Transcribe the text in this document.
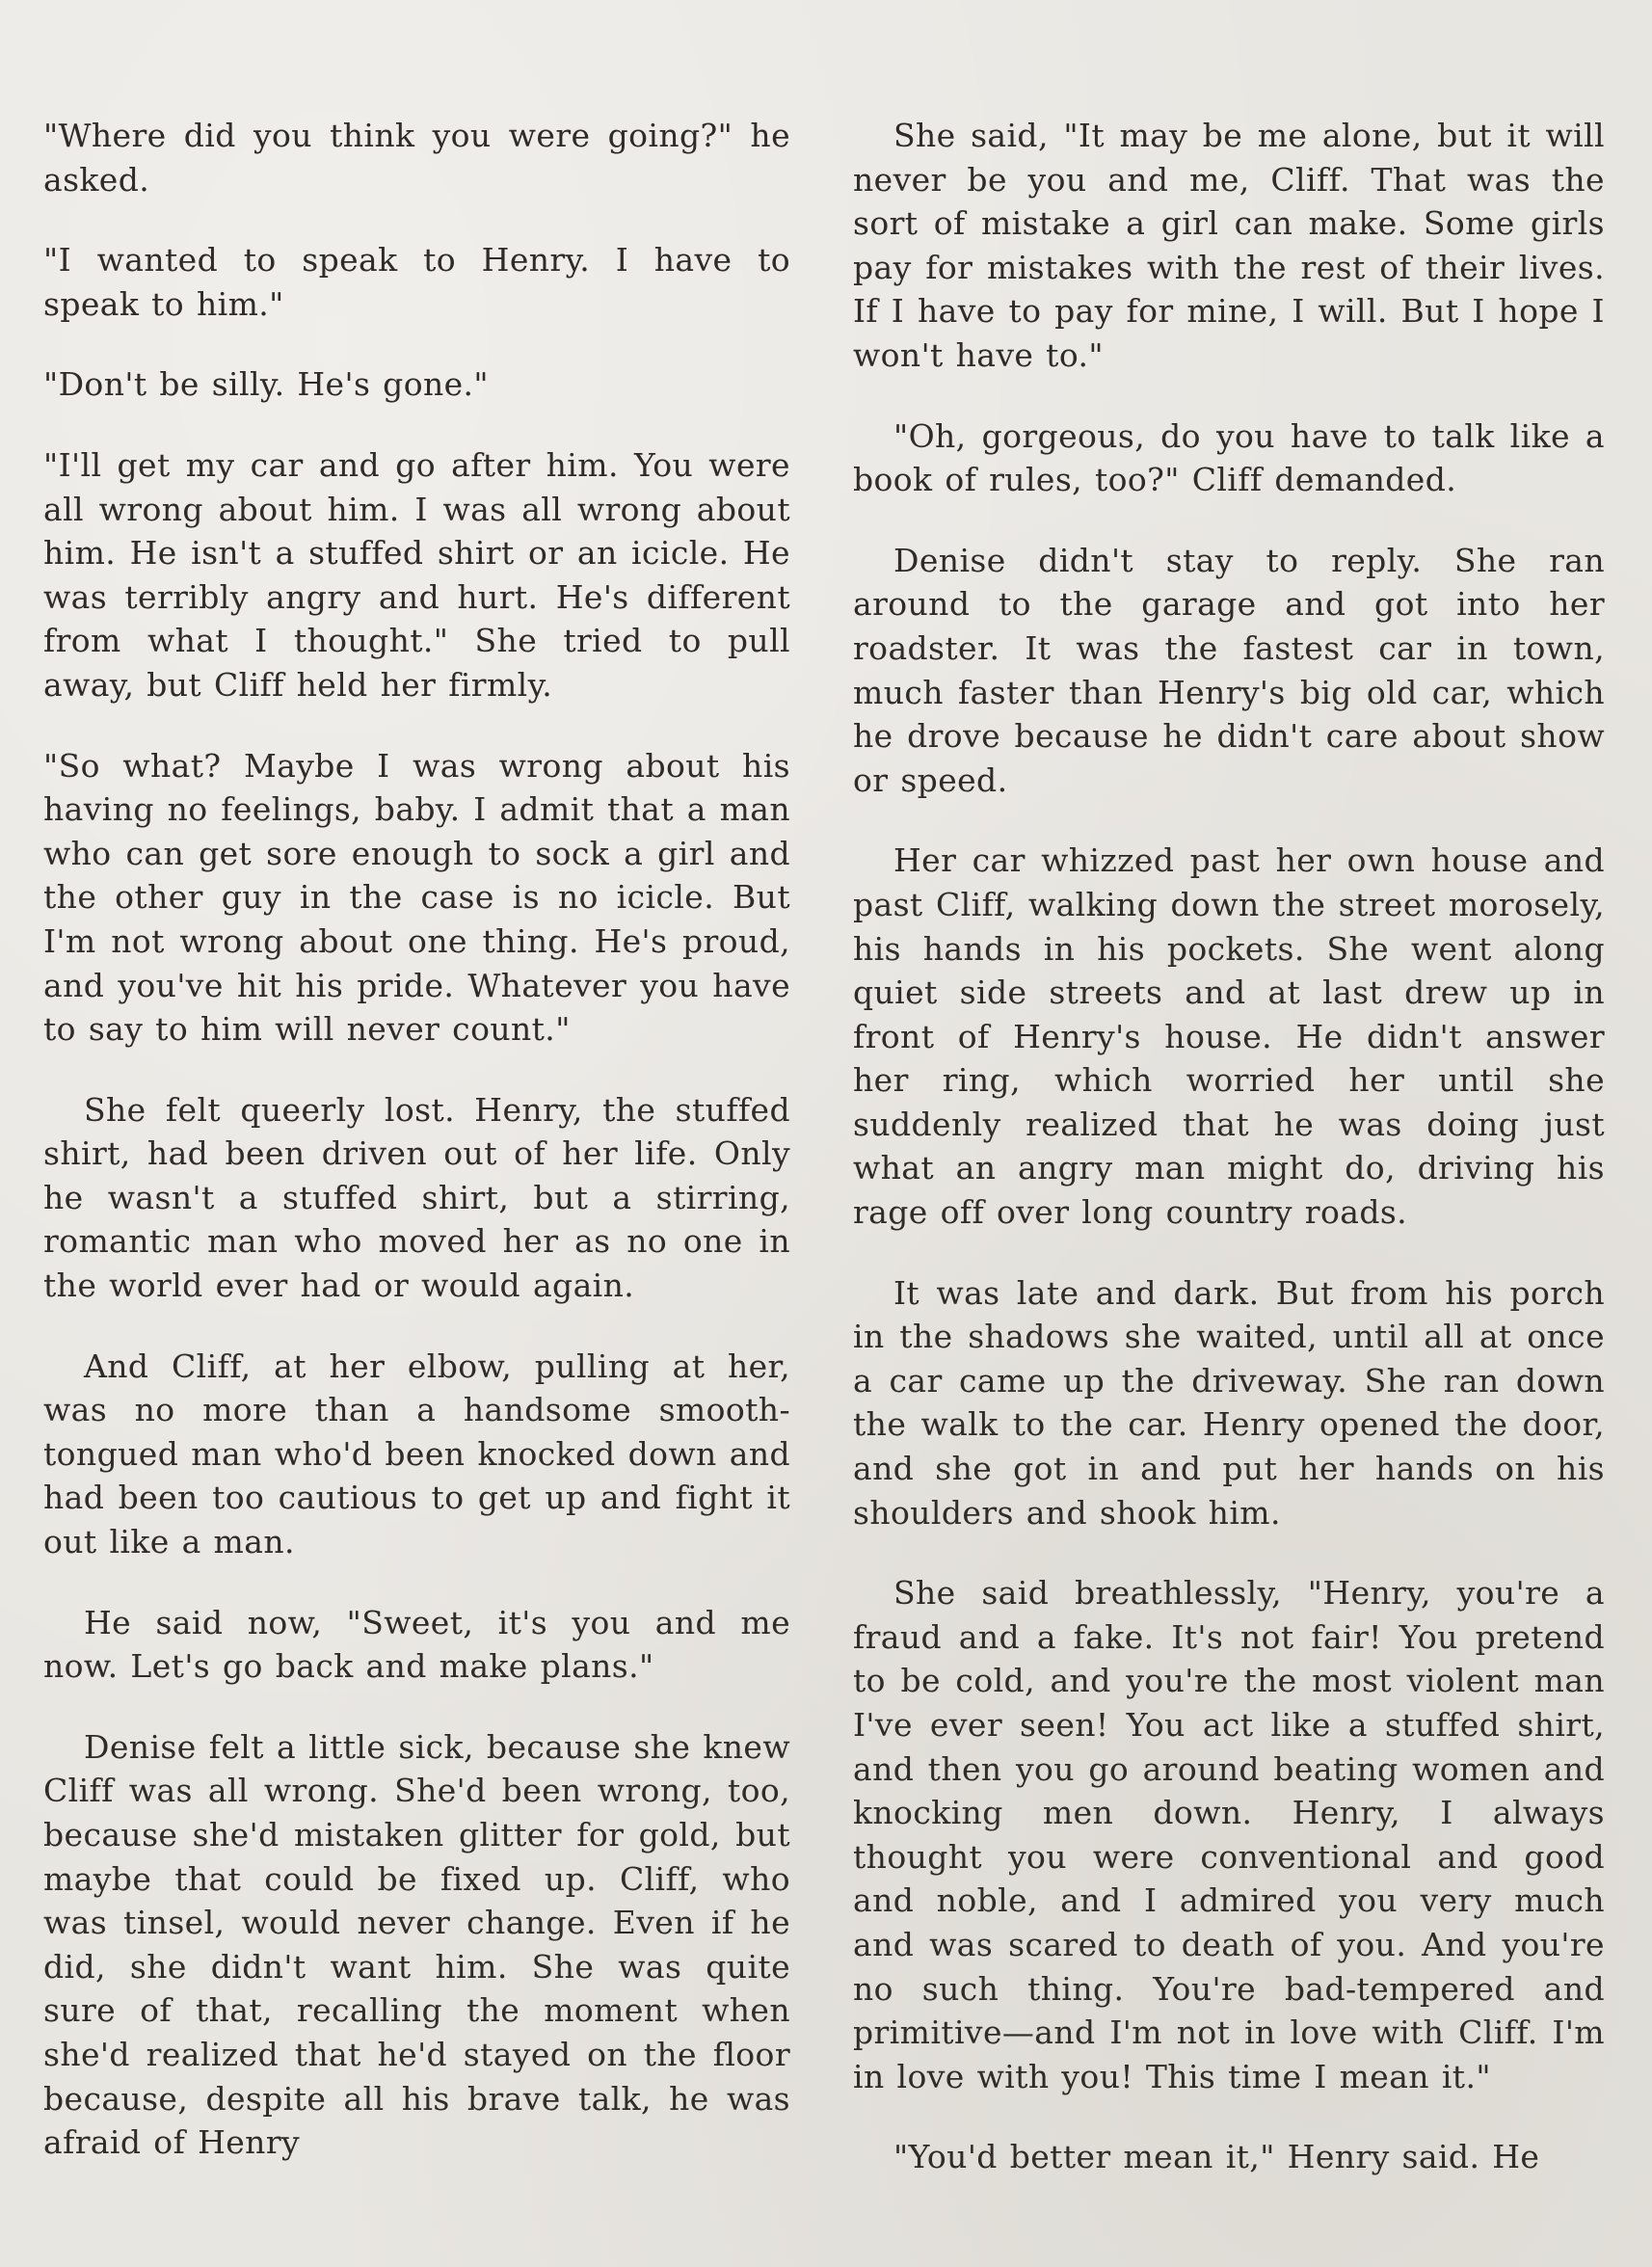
"Where did you think you were going?" he asked.

"I wanted to speak to Henry. I have to speak to him."

"Don't be silly. He's gone."

"I'll get my car and go after him. You were all wrong about him. I was all wrong about him. He isn't a stuffed shirt or an icicle. He was terribly angry and hurt. He's different from what I thought." She tried to pull away, but Cliff held her firmly.

"So what? Maybe I was wrong about his having no feelings, baby. I admit that a man who can get sore enough to sock a girl and the other guy in the case is no icicle. But I'm not wrong about one thing. He's proud, and you've hit his pride. Whatever you have to say to him will never count."

She felt queerly lost. Henry, the stuffed shirt, had been driven out of her life. Only he wasn't a stuffed shirt, but a stirring, romantic man who moved her as no one in the world ever had or would again.

And Cliff, at her elbow, pulling at her, was no more than a handsome smooth-tongued man who'd been knocked down and had been too cautious to get up and fight it out like a man.

He said now, "Sweet, it's you and me now. Let's go back and make plans."

Denise felt a little sick, because she knew Cliff was all wrong. She'd been wrong, too, because she'd mistaken glitter for gold, but maybe that could be fixed up. Cliff, who was tinsel, would never change. Even if he did, she didn't want him. She was quite sure of that, recalling the moment when she'd realized that he'd stayed on the floor because, despite all his brave talk, he was afraid of Henry

She said, "It may be me alone, but it will never be you and me, Cliff. That was the sort of mistake a girl can make. Some girls pay for mistakes with the rest of their lives. If I have to pay for mine, I will. But I hope I won't have to."

"Oh, gorgeous, do you have to talk like a book of rules, too?" Cliff demanded.

Denise didn't stay to reply. She ran around to the garage and got into her roadster. It was the fastest car in town, much faster than Henry's big old car, which he drove because he didn't care about show or speed.

Her car whizzed past her own house and past Cliff, walking down the street morosely, his hands in his pockets. She went along quiet side streets and at last drew up in front of Henry's house. He didn't answer her ring, which worried her until she suddenly realized that he was doing just what an angry man might do, driving his rage off over long country roads.

It was late and dark. But from his porch in the shadows she waited, until all at once a car came up the driveway. She ran down the walk to the car. Henry opened the door, and she got in and put her hands on his shoulders and shook him.

She said breathlessly, "Henry, you're a fraud and a fake. It's not fair! You pretend to be cold, and you're the most violent man I've ever seen! You act like a stuffed shirt, and then you go around beating women and knocking men down. Henry, I always thought you were conventional and good and noble, and I admired you very much and was scared to death of you. And you're no such thing. You're bad-tempered and primitive—and I'm not in love with Cliff. I'm in love with you! This time I mean it."

"You'd better mean it," Henry said. He
